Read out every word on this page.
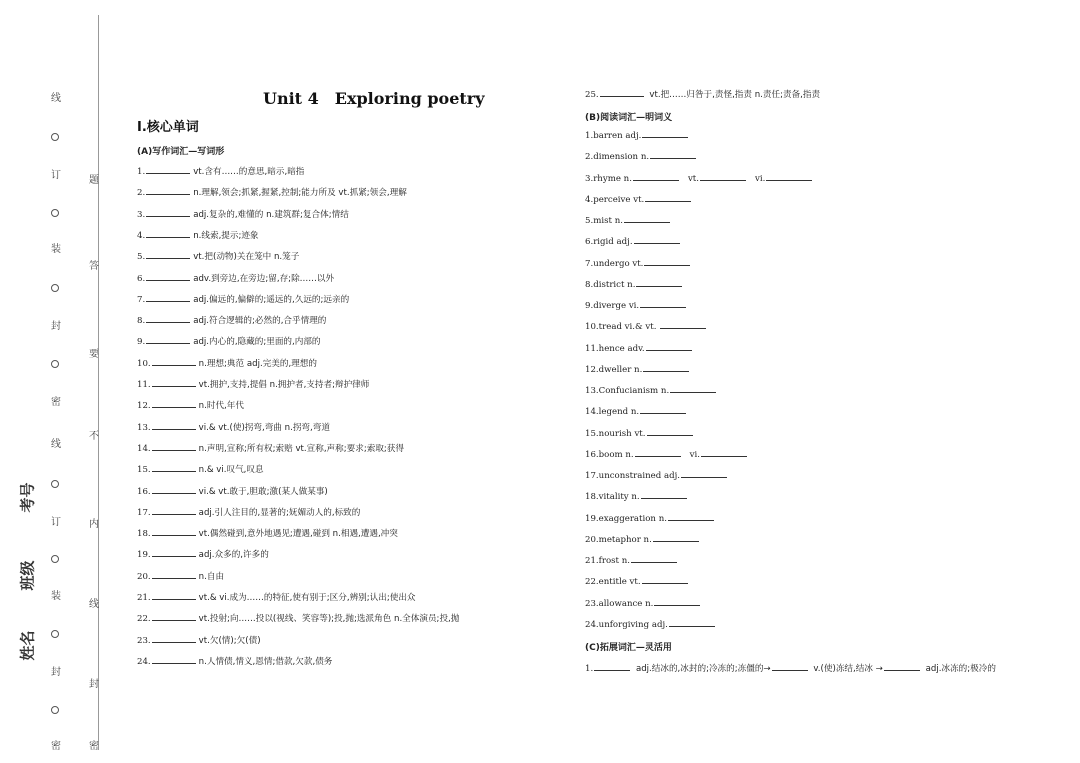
线
订
装
封
密
线
订
装
封
密
题
答
要
不
内
线
封
密
考号
班级
姓名
Unit 4　Exploring poetry
Ⅰ.核心单词
(A)写作词汇—写词形
1.	vt.含有……的意思,暗示,暗指
2.	n.理解,领会;抓紧,握紧,控制;能力所及 vt.抓紧;领会,理解
3.	adj.复杂的,难懂的 n.建筑群;复合体;情结
4.	n.线索,提示;迹象
5.	vt.把(动物)关在笼中 n.笼子
6.	adv.到旁边,在旁边;留,存;除……以外
7.	adj.偏远的,偏僻的;遥远的,久远的;远亲的
8.	adj.符合逻辑的;必然的,合乎情理的
9.	adj.内心的,隐藏的;里面的,内部的
10.	n.理想;典范 adj.完美的,理想的
11.	vt.拥护,支持,提倡 n.拥护者,支持者;辩护律师
12.	n.时代,年代
13.	vi.& vt.(使)拐弯,弯曲 n.拐弯,弯道
14.	n.声明,宣称;所有权;索赔 vt.宣称,声称;要求;索取;获得
15.	n.& vi.叹气,叹息
16.	vi.& vt.敢于,胆敢;激(某人做某事)
17.	adj.引人注目的,显著的;妩媚动人的,标致的
18.	vt.偶然碰到,意外地遇见;遭遇,碰到 n.相遇,遭遇,冲突
19.	adj.众多的,许多的
20.	n.自由
21.	vt.& vi.成为……的特征,使有别于;区分,辨别;认出;使出众
22.	vt.投射;向……投以(视线、笑容等);投,抛;选派角色 n.全体演员;投,抛
23.	vt.欠(情);欠(债)
24.	n.人情债,情义,恩情;借款,欠款,债务
25.	vt.把……归咎于,责怪,指责 n.责任;责备,指责
(B)阅读词汇—明词义
1.barren adj.
2.dimension n.
3.rhyme n.	vt.	vi.
4.perceive vt.
5.mist n.
6.rigid adj.
7.undergo vt.
8.district n.
9.diverge vi.
10.tread vi.& vt.
11.hence adv.
12.dweller n.
13.Confucianism n.
14.legend n.
15.nourish vt.
16.boom n.	vi.
17.unconstrained adj.
18.vitality n.
19.exaggeration n.
20.metaphor n.
21.frost n.
22.entitle vt.
23.allowance n.
24.unforgiving adj.
(C)拓展词汇—灵活用
1.	adj.结冰的,冰封的;冷冻的;冻僵的→	v.(使)冻结,结冰 →	adj.冰冻的;极冷的
